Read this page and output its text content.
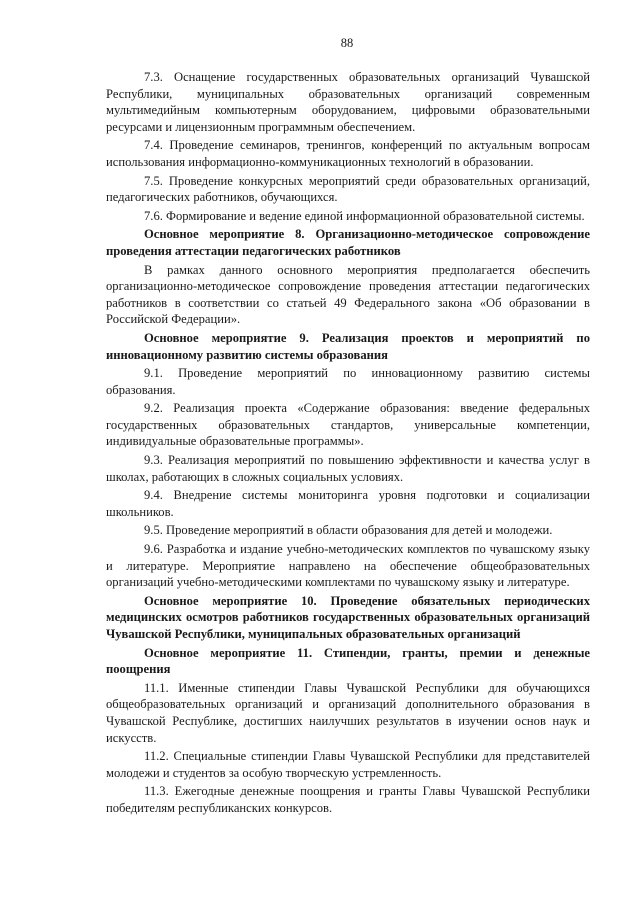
88

7.3. Оснащение государственных образовательных организаций Чувашской Республики, муниципальных образовательных организаций современным мультимедийным компьютерным оборудованием, цифровыми образовательными ресурсами и лицензионным программным обеспечением.

7.4. Проведение семинаров, тренингов, конференций по актуальным вопросам использования информационно-коммуникационных технологий в образовании.

7.5. Проведение конкурсных мероприятий среди образовательных организаций, педагогических работников, обучающихся.

7.6. Формирование и ведение единой информационной образовательной системы.

Основное мероприятие 8. Организационно-методическое сопровождение проведения аттестации педагогических работников

В рамках данного основного мероприятия предполагается обеспечить организационно-методическое сопровождение проведения аттестации педагогических работников в соответствии со статьей 49 Федерального закона «Об образовании в Российской Федерации».

Основное мероприятие 9. Реализация проектов и мероприятий по инновационному развитию системы образования

9.1. Проведение мероприятий по инновационному развитию системы образования.

9.2. Реализация проекта «Содержание образования: введение федеральных государственных образовательных стандартов, универсальные компетенции, индивидуальные образовательные программы».

9.3. Реализация мероприятий по повышению эффективности и качества услуг в школах, работающих в сложных социальных условиях.

9.4. Внедрение системы мониторинга уровня подготовки и социализации школьников.

9.5. Проведение мероприятий в области образования для детей и молодежи.

9.6. Разработка и издание учебно-методических комплектов по чувашскому языку и литературе. Мероприятие направлено на обеспечение общеобразовательных организаций учебно-методическими комплектами по чувашскому языку и литературе.

Основное мероприятие 10. Проведение обязательных периодических медицинских осмотров работников государственных образовательных организаций Чувашской Республики, муниципальных образовательных организаций

Основное мероприятие 11. Стипендии, гранты, премии и денежные поощрения

11.1. Именные стипендии Главы Чувашской Республики для обучающихся общеобразовательных организаций и организаций дополнительного образования в Чувашской Республике, достигших наилучших результатов в изучении основ наук и искусств.

11.2. Специальные стипендии Главы Чувашской Республики для представителей молодежи и студентов за особую творческую устремленность.

11.3. Ежегодные денежные поощрения и гранты Главы Чувашской Республики победителям республиканских конкурсов.
